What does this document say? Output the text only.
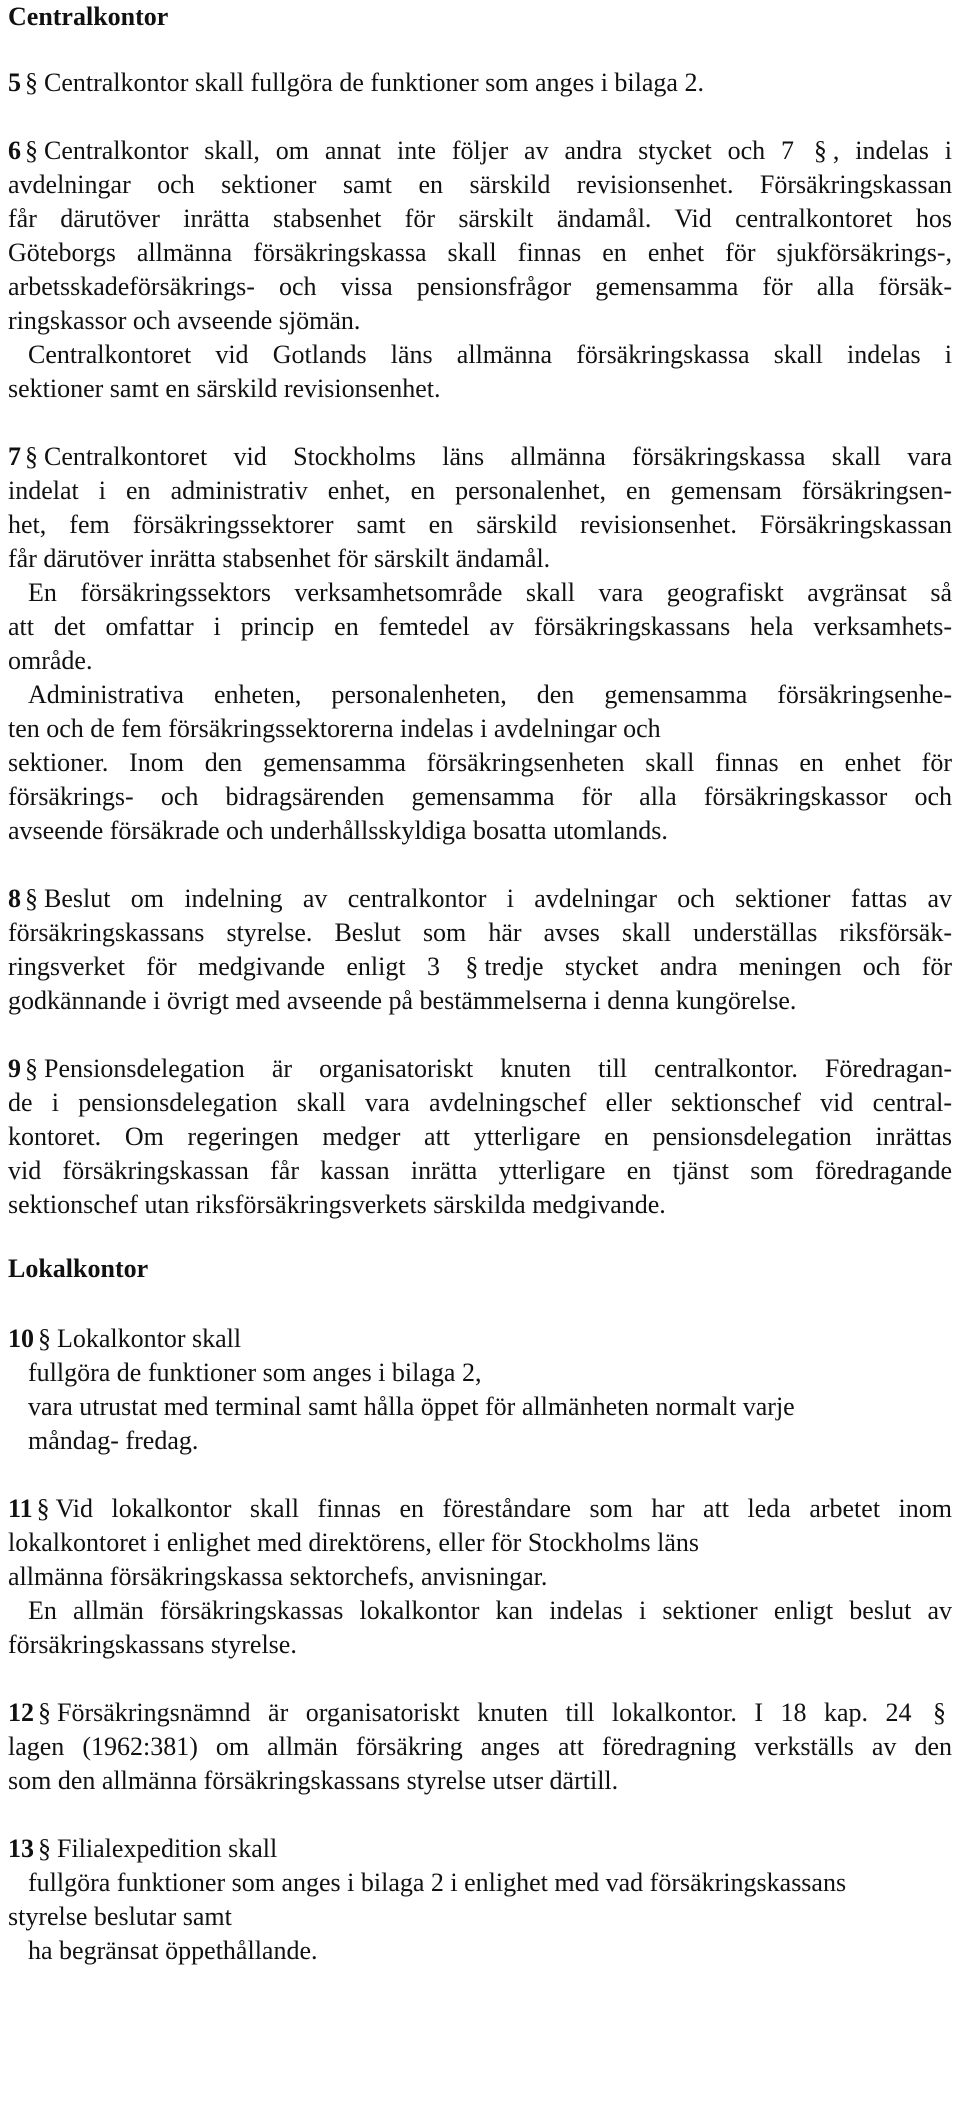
Centralkontor
5 § Centralkontor skall fullgöra de funktioner som anges i bilaga 2.
6 § Centralkontor skall, om annat inte följer av andra stycket och 7 § , indelas i
avdelningar och sektioner samt en särskild revisionsenhet. Försäkringskassan
får därutöver inrätta stabsenhet för särskilt ändamål. Vid centralkontoret hos
Göteborgs allmänna försäkringskassa skall finnas en enhet för sjukförsäkrings-,
arbetsskadeförsäkrings- och vissa pensionsfrågor gemensamma för alla försäk-
ringskassor och avseende sjömän.
Centralkontoret vid Gotlands läns allmänna försäkringskassa skall indelas i
sektioner samt en särskild revisionsenhet.
7 § Centralkontoret vid Stockholms läns allmänna försäkringskassa skall vara
indelat i en administrativ enhet, en personalenhet, en gemensam försäkringsen-
het, fem försäkringssektorer samt en särskild revisionsenhet. Försäkringskassan
får därutöver inrätta stabsenhet för särskilt ändamål.
En försäkringssektors verksamhetsområde skall vara geografiskt avgränsat så
att det omfattar i princip en femtedel av försäkringskassans hela verksamhets-
område.
Administrativa enheten, personalenheten, den gemensamma försäkringsenhe-
ten och de fem försäkringssektorerna indelas i avdelningar och
sektioner. Inom den gemensamma försäkringsenheten skall finnas en enhet för
försäkrings- och bidragsärenden gemensamma för alla försäkringskassor och
avseende försäkrade och underhållsskyldiga bosatta utomlands.
8 § Beslut om indelning av centralkontor i avdelningar och sektioner fattas av
försäkringskassans styrelse. Beslut som här avses skall underställas riksförsäk-
ringsverket för medgivande enligt 3 § tredje stycket andra meningen och för
godkännande i övrigt med avseende på bestämmelserna i denna kungörelse.
9 § Pensionsdelegation är organisatoriskt knuten till centralkontor. Föredragan-
de i pensionsdelegation skall vara avdelningschef eller sektionschef vid central-
kontoret. Om regeringen medger att ytterligare en pensionsdelegation inrättas
vid försäkringskassan får kassan inrätta ytterligare en tjänst som föredragande
sektionschef utan riksförsäkringsverkets särskilda medgivande.
Lokalkontor
10 § Lokalkontor skall
fullgöra de funktioner som anges i bilaga 2,
vara utrustat med terminal samt hålla öppet för allmänheten normalt varje
måndag- fredag.
11 § Vid lokalkontor skall finnas en föreståndare som har att leda arbetet inom
lokalkontoret i enlighet med direktörens, eller för Stockholms läns
allmänna försäkringskassa sektorchefs, anvisningar.
En allmän försäkringskassas lokalkontor kan indelas i sektioner enligt beslut av
försäkringskassans styrelse.
12 § Försäkringsnämnd är organisatoriskt knuten till lokalkontor. I 18 kap. 24 §
lagen (1962:381) om allmän försäkring anges att föredragning verkställs av den
som den allmänna försäkringskassans styrelse utser därtill.
13 § Filialexpedition skall
fullgöra funktioner som anges i bilaga 2 i enlighet med vad försäkringskassans
styrelse beslutar samt
ha begränsat öppethållande.
